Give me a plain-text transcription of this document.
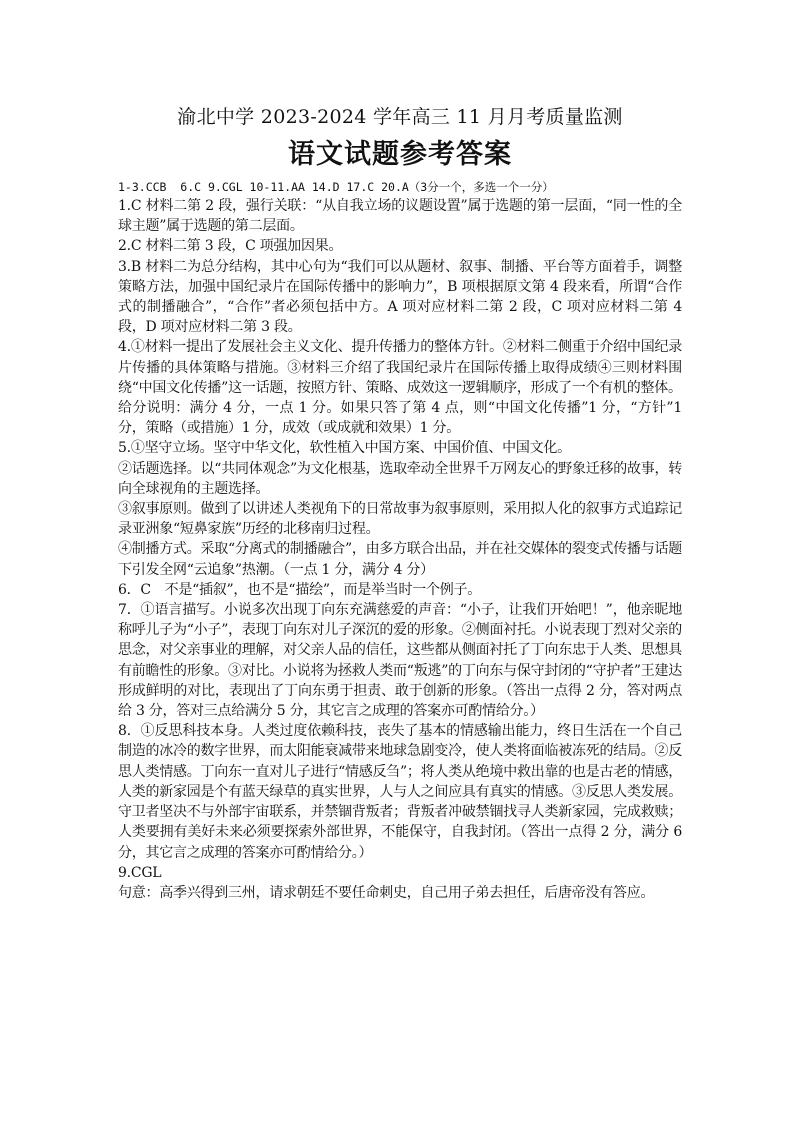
渝北中学 2023-2024 学年高三 11 月月考质量监测
语文试题参考答案
1-3.CCB  6.C 9.CGL 10-11.AA 14.D 17.C 20.A（3分一个，多选一个一分）

1.C 材料二第 2 段，强行关联：“从自我立场的议题设置”属于选题的第一层面，“同一性的全球主题”属于选题的第二层面。

2.C 材料二第 3 段，C 项强加因果。

3.B 材料二为总分结构，其中心句为“我们可以从题材、叙事、制播、平台等方面着手，调整策略方法，加强中国纪录片在国际传播中的影响力”，B 项根据原文第 4 段来看，所谓“合作式的制播融合”，“合作”者必须包括中方。A 项对应材料二第 2 段，C 项对应材料二第 4 段，D 项对应材料二第 3 段。

4.①材料一提出了发展社会主义文化、提升传播力的整体方针。②材料二侧重于介绍中国纪录片传播的具体策略与措施。③材料三介绍了我国纪录片在国际传播上取得成绩④三则材料围绕“中国文化传播”这一话题，按照方针、策略、成效这一逻辑顺序，形成了一个有机的整体。

给分说明：满分 4 分，一点 1 分。如果只答了第 4 点，则“中国文化传播”1 分，“方针”1 分，策略（或措施）1 分，成效（或成就和效果）1 分。

5.①坚守立场。坚守中华文化，软性植入中国方案、中国价值、中国文化。

②话题选择。以“共同体观念”为文化根基，选取牵动全世界千万网友心的野象迁移的故事，转向全球视角的主题选择。

③叙事原则。做到了以讲述人类视角下的日常故事为叙事原则，采用拟人化的叙事方式追踪记录亚洲象“短鼻家族”历经的北移南归过程。

④制播方式。采取“分离式的制播融合”，由多方联合出品，并在社交媒体的裂变式传播与话题下引发全网“云追象”热潮。（一点 1 分，满分 4 分）

6．C　不是“插叙”，也不是“描绘”，而是举当时一个例子。

7．①语言描写。小说多次出现丁向东充满慈爱的声音：“小子，让我们开始吧！”，他亲昵地称呼儿子为“小子”，表现丁向东对儿子深沉的爱的形象。②侧面衬托。小说表现丁烈对父亲的思念，对父亲事业的理解，对父亲人品的信任，这些都从侧面衬托了丁向东忠于人类、思想具有前瞻性的形象。③对比。小说将为拯救人类而“叛逃”的丁向东与保守封闭的“守护者”王建达形成鲜明的对比，表现出了丁向东勇于担责、敢于创新的形象。（答出一点得 2 分，答对两点给 3 分，答对三点给满分 5 分，其它言之成理的答案亦可酌情给分。）

8．①反思科技本身。人类过度依赖科技，丧失了基本的情感输出能力，终日生活在一个自己制造的冰冷的数字世界，而太阳能衰减带来地球急剧变冷，使人类将面临被冻死的结局。②反思人类情感。丁向东一直对儿子进行“情感反刍”；将人类从绝境中救出靠的也是古老的情感，人类的新家园是个有蓝天绿草的真实世界，人与人之间应具有真实的情感。③反思人类发展。守卫者坚决不与外部宇宙联系，并禁锢背叛者；背叛者冲破禁锢找寻人类新家园，完成救赎；人类要拥有美好未来必须要探索外部世界，不能保守，自我封闭。（答出一点得 2 分，满分 6 分，其它言之成理的答案亦可酌情给分。）

9.CGL

句意：高季兴得到三州，请求朝廷不要任命刺史，自己用子弟去担任，后唐帝没有答应。
